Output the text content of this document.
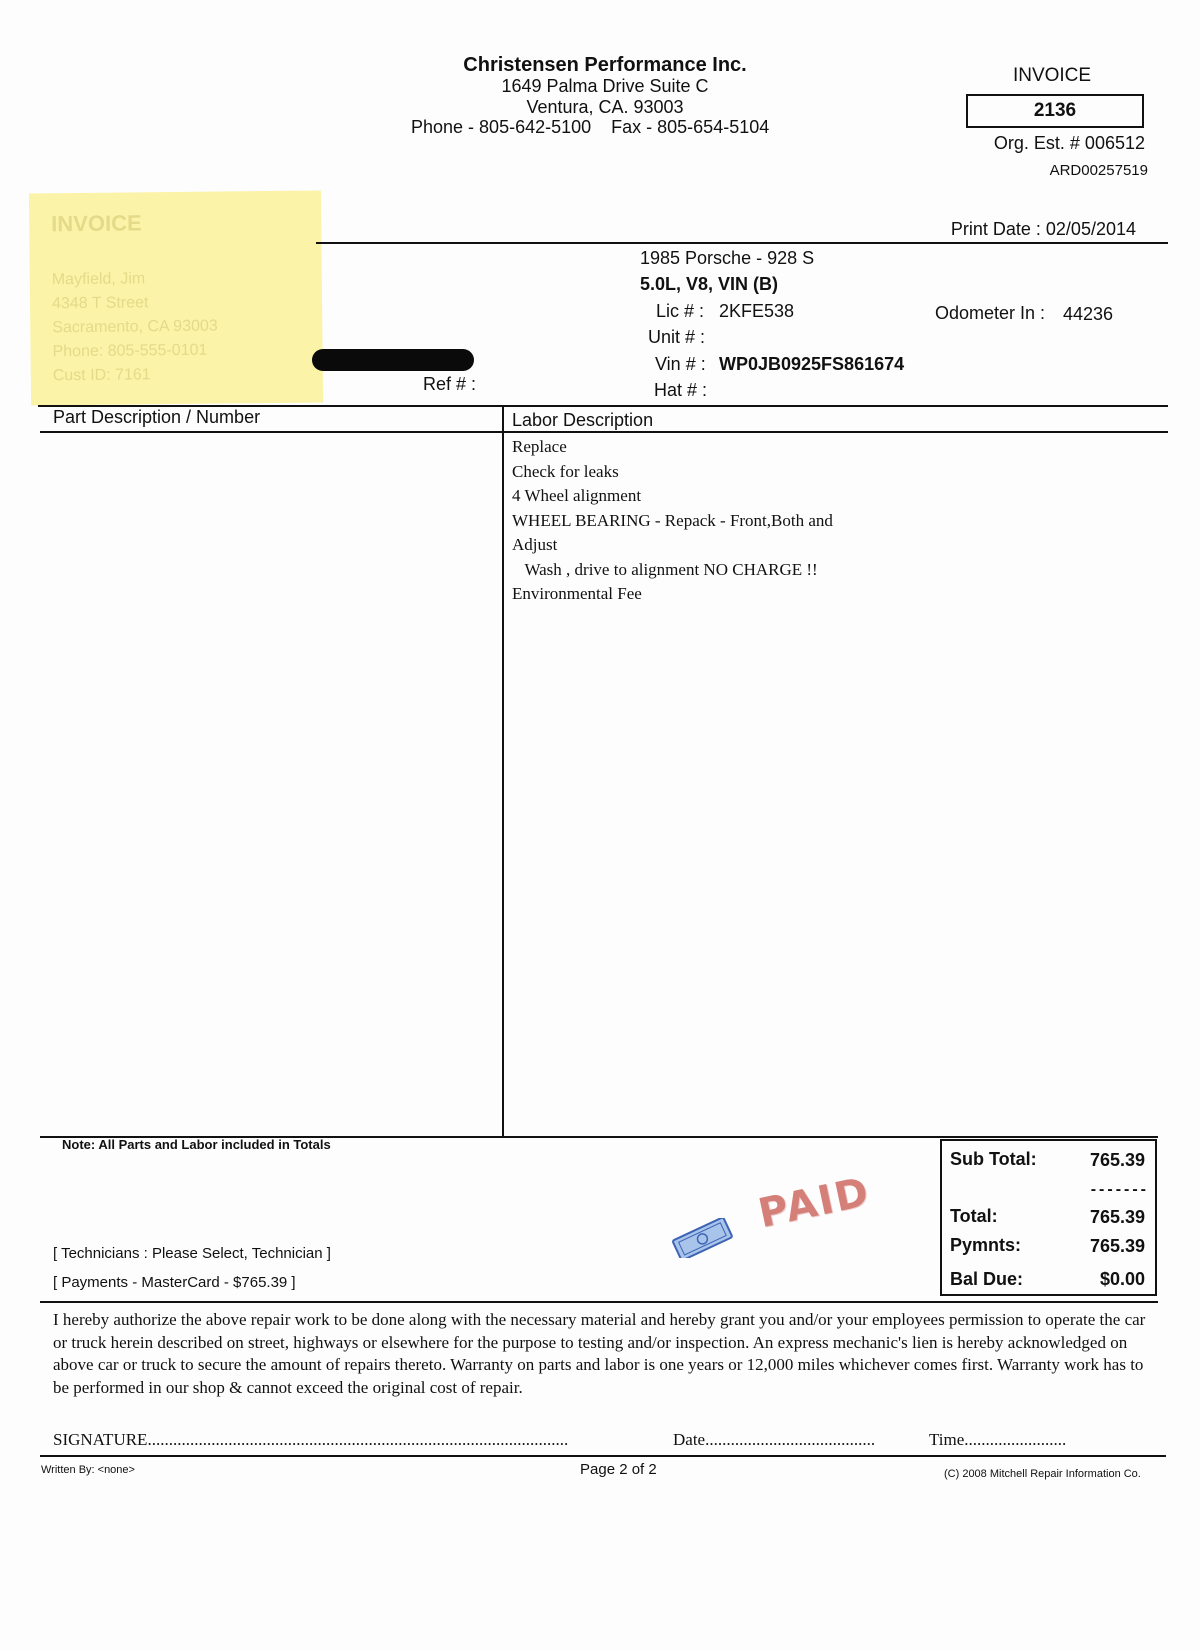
Christensen Performance Inc.
1649 Palma Drive Suite C
Ventura, CA. 93003
Phone - 805-642-5100    Fax - 805-654-5104
INVOICE
2136
Org. Est. # 006512
ARD00257519
Print Date : 02/05/2014
INVOICE
Mayfield, Jim
4348 T Street
Sacramento, CA 93003
Phone: 805-555-0101
Cust ID: 7161
1985 Porsche - 928 S
5.0L, V8, VIN (B)
Lic # : 2KFE538
Unit # :
Vin # : WP0JB0925FS861674
Hat # :
Odometer In : 44236
Ref # :
Part Description / Number	Labor Description
Replace
Check for leaks
4 Wheel alignment
WHEEL BEARING - Repack - Front,Both and
Adjust
Wash , drive to alignment NO CHARGE !!
Environmental Fee
Note: All Parts and Labor included in Totals
[ Technicians : Please Select, Technician ]
[ Payments - MasterCard - $765.39 ]
PAID
Sub Total:	765.39
-------
Total:	765.39
Pymnts:	765.39
Bal Due:	$0.00
I hereby authorize the above repair work to be done along with the necessary material and hereby grant you and/or your employees permission to operate the car or truck herein described on street, highways or elsewhere for the purpose to testing and/or inspection. An express mechanic's lien is hereby acknowledged on above car or truck to secure the amount of repairs thereto. Warranty on parts and labor is one years or 12,000 miles whichever comes first. Warranty work has to be performed in our shop & cannot exceed the original cost of repair.
SIGNATURE...................................................................................................	Date........................................	Time........................
Written By: <none>	Page 2 of 2	(C) 2008 Mitchell Repair Information Co.
